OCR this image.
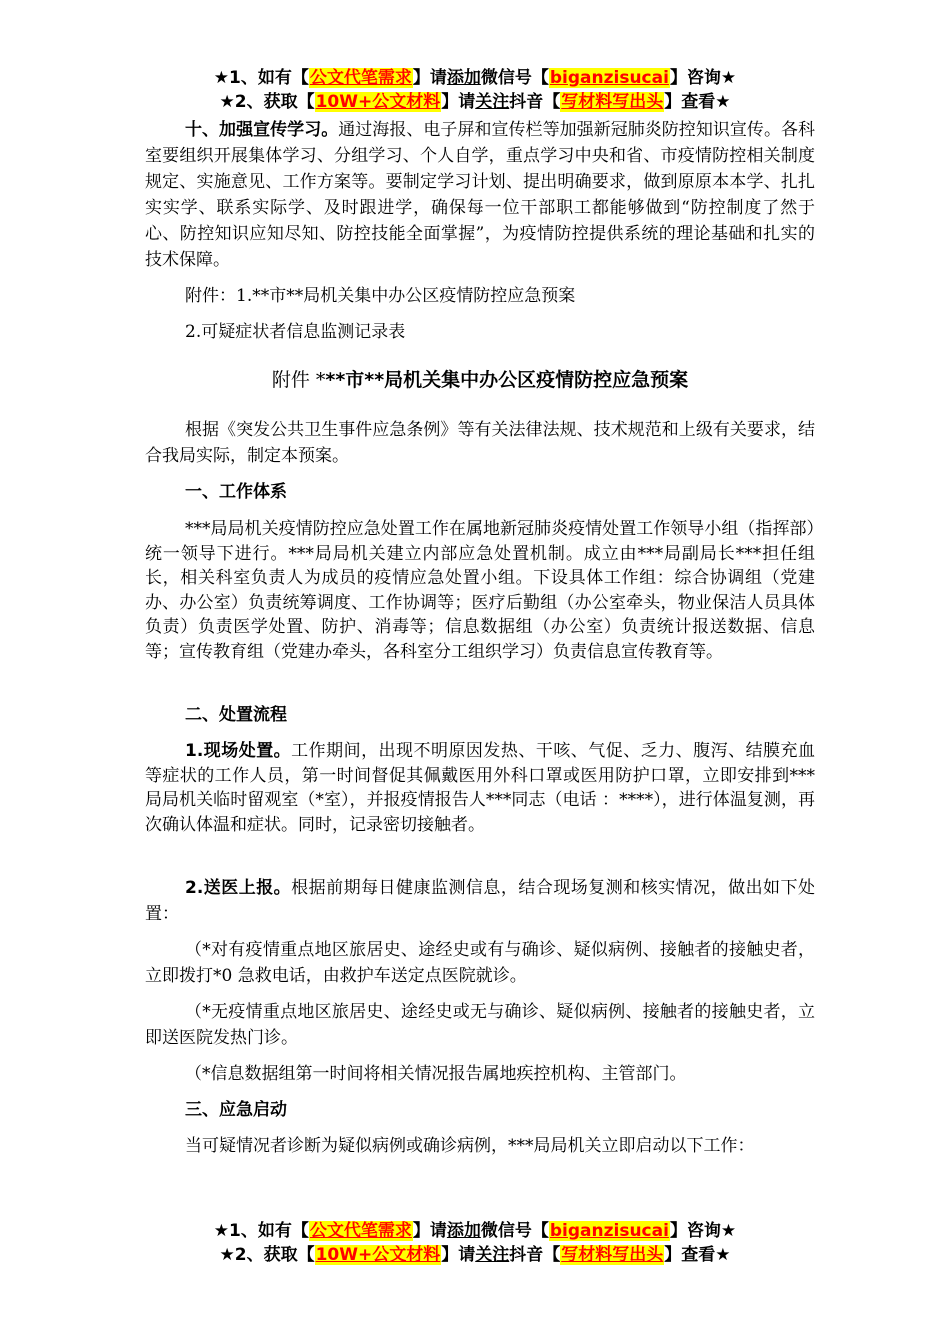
★1、如有【公文代笔需求】请添加微信号【biganzisucai】咨询★
★2、获取【10W+公文材料】请关注抖音【写材料写出头】查看★

十、加强宣传学习。通过海报、电子屏和宣传栏等加强新冠肺炎防控知识宣传。各科室要组织开展集体学习、分组学习、个人自学，重点学习中央和省、市疫情防控相关制度规定、实施意见、工作方案等。要制定学习计划、提出明确要求，做到原原本本学、扎扎实实学、联系实际学、及时跟进学，确保每一位干部职工都能够做到“防控制度了然于心、防控知识应知尽知、防控技能全面掌握”，为疫情防控提供系统的理论基础和扎实的技术保障。

附件：1.**市**局机关集中办公区疫情防控应急预案

2.可疑症状者信息监测记录表

附件 ***市**局机关集中办公区疫情防控应急预案

根据《突发公共卫生事件应急条例》等有关法律法规、技术规范和上级有关要求，结合我局实际，制定本预案。

一、工作体系

***局局机关疫情防控应急处置工作在属地新冠肺炎疫情处置工作领导小组（指挥部）统一领导下进行。***局局机关建立内部应急处置机制。成立由***局副局长***担任组长，相关科室负责人为成员的疫情应急处置小组。下设具体工作组：综合协调组（党建办、办公室）负责统筹调度、工作协调等；医疗后勤组（办公室牵头，物业保洁人员具体负责）负责医学处置、防护、消毒等；信息数据组（办公室）负责统计报送数据、信息等；宣传教育组（党建办牵头，各科室分工组织学习）负责信息宣传教育等。

二、处置流程

1.现场处置。工作期间，出现不明原因发热、干咳、气促、乏力、腹泻、结膜充血等症状的工作人员，第一时间督促其佩戴医用外科口罩或医用防护口罩，立即安排到***局局机关临时留观室（*室），并报疫情报告人***同志（电话 ：****），进行体温复测，再次确认体温和症状。同时，记录密切接触者。

2.送医上报。根据前期每日健康监测信息，结合现场复测和核实情况，做出如下处置：

（*对有疫情重点地区旅居史、途经史或有与确诊、疑似病例、接触者的接触史者，立即拨打*0 急救电话，由救护车送定点医院就诊。

（*无疫情重点地区旅居史、途经史或无与确诊、疑似病例、接触者的接触史者，立即送医院发热门诊。

（*信息数据组第一时间将相关情况报告属地疾控机构、主管部门。

三、应急启动

当可疑情况者诊断为疑似病例或确诊病例，***局局机关立即启动以下工作：

★1、如有【公文代笔需求】请添加微信号【biganzisucai】咨询★
★2、获取【10W+公文材料】请关注抖音【写材料写出头】查看★
